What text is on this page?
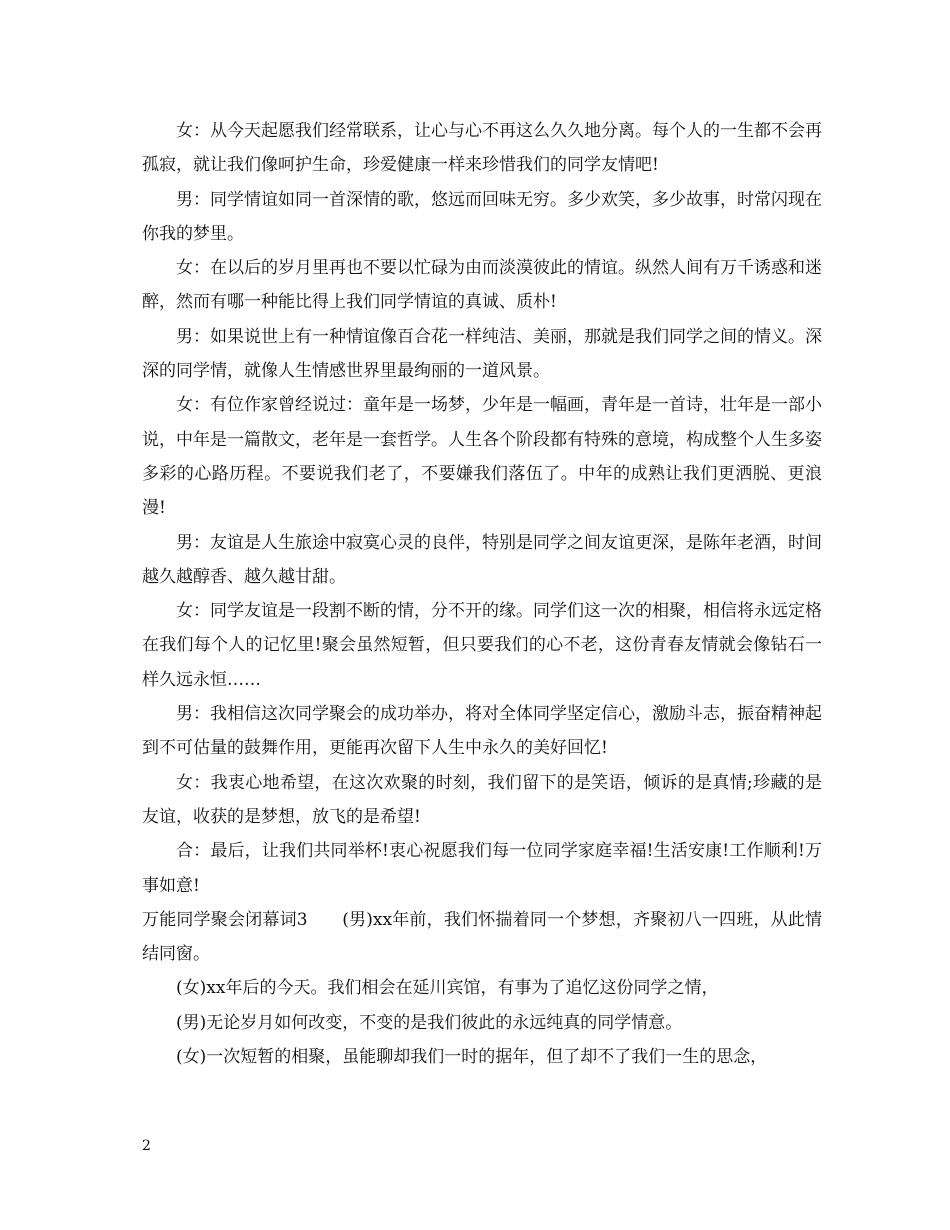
女：从今天起愿我们经常联系，让心与心不再这么久久地分离。每个人的一生都不会再孤寂，就让我们像呵护生命，珍爱健康一样来珍惜我们的同学友情吧!

男：同学情谊如同一首深情的歌，悠远而回味无穷。多少欢笑，多少故事，时常闪现在你我的梦里。

女：在以后的岁月里再也不要以忙碌为由而淡漠彼此的情谊。纵然人间有万千诱惑和迷醉，然而有哪一种能比得上我们同学情谊的真诚、质朴!

男：如果说世上有一种情谊像百合花一样纯洁、美丽，那就是我们同学之间的情义。深深的同学情，就像人生情感世界里最绚丽的一道风景。

女：有位作家曾经说过：童年是一场梦，少年是一幅画，青年是一首诗，壮年是一部小说，中年是一篇散文，老年是一套哲学。人生各个阶段都有特殊的意境，构成整个人生多姿多彩的心路历程。不要说我们老了，不要嫌我们落伍了。中年的成熟让我们更洒脱、更浪漫!

男：友谊是人生旅途中寂寞心灵的良伴，特别是同学之间友谊更深，是陈年老酒，时间越久越醇香、越久越甘甜。

女：同学友谊是一段割不断的情，分不开的缘。同学们这一次的相聚，相信将永远定格在我们每个人的记忆里!聚会虽然短暂，但只要我们的心不老，这份青春友情就会像钻石一样久远永恒……

男：我相信这次同学聚会的成功举办，将对全体同学坚定信心，激励斗志，振奋精神起到不可估量的鼓舞作用，更能再次留下人生中永久的美好回忆!

女：我衷心地希望，在这次欢聚的时刻，我们留下的是笑语，倾诉的是真情;珍藏的是友谊，收获的是梦想，放飞的是希望!

合：最后，让我们共同举杯!衷心祝愿我们每一位同学家庭幸福!生活安康!工作顺利!万事如意!

万能同学聚会闭幕词3　　(男)xx年前，我们怀揣着同一个梦想，齐聚初八一四班，从此情结同窗。

(女)xx年后的今天。我们相会在延川宾馆，有事为了追忆这份同学之情，

(男)无论岁月如何改变，不变的是我们彼此的永远纯真的同学情意。

(女)一次短暂的相聚，虽能聊却我们一时的据年，但了却不了我们一生的思念，

2
